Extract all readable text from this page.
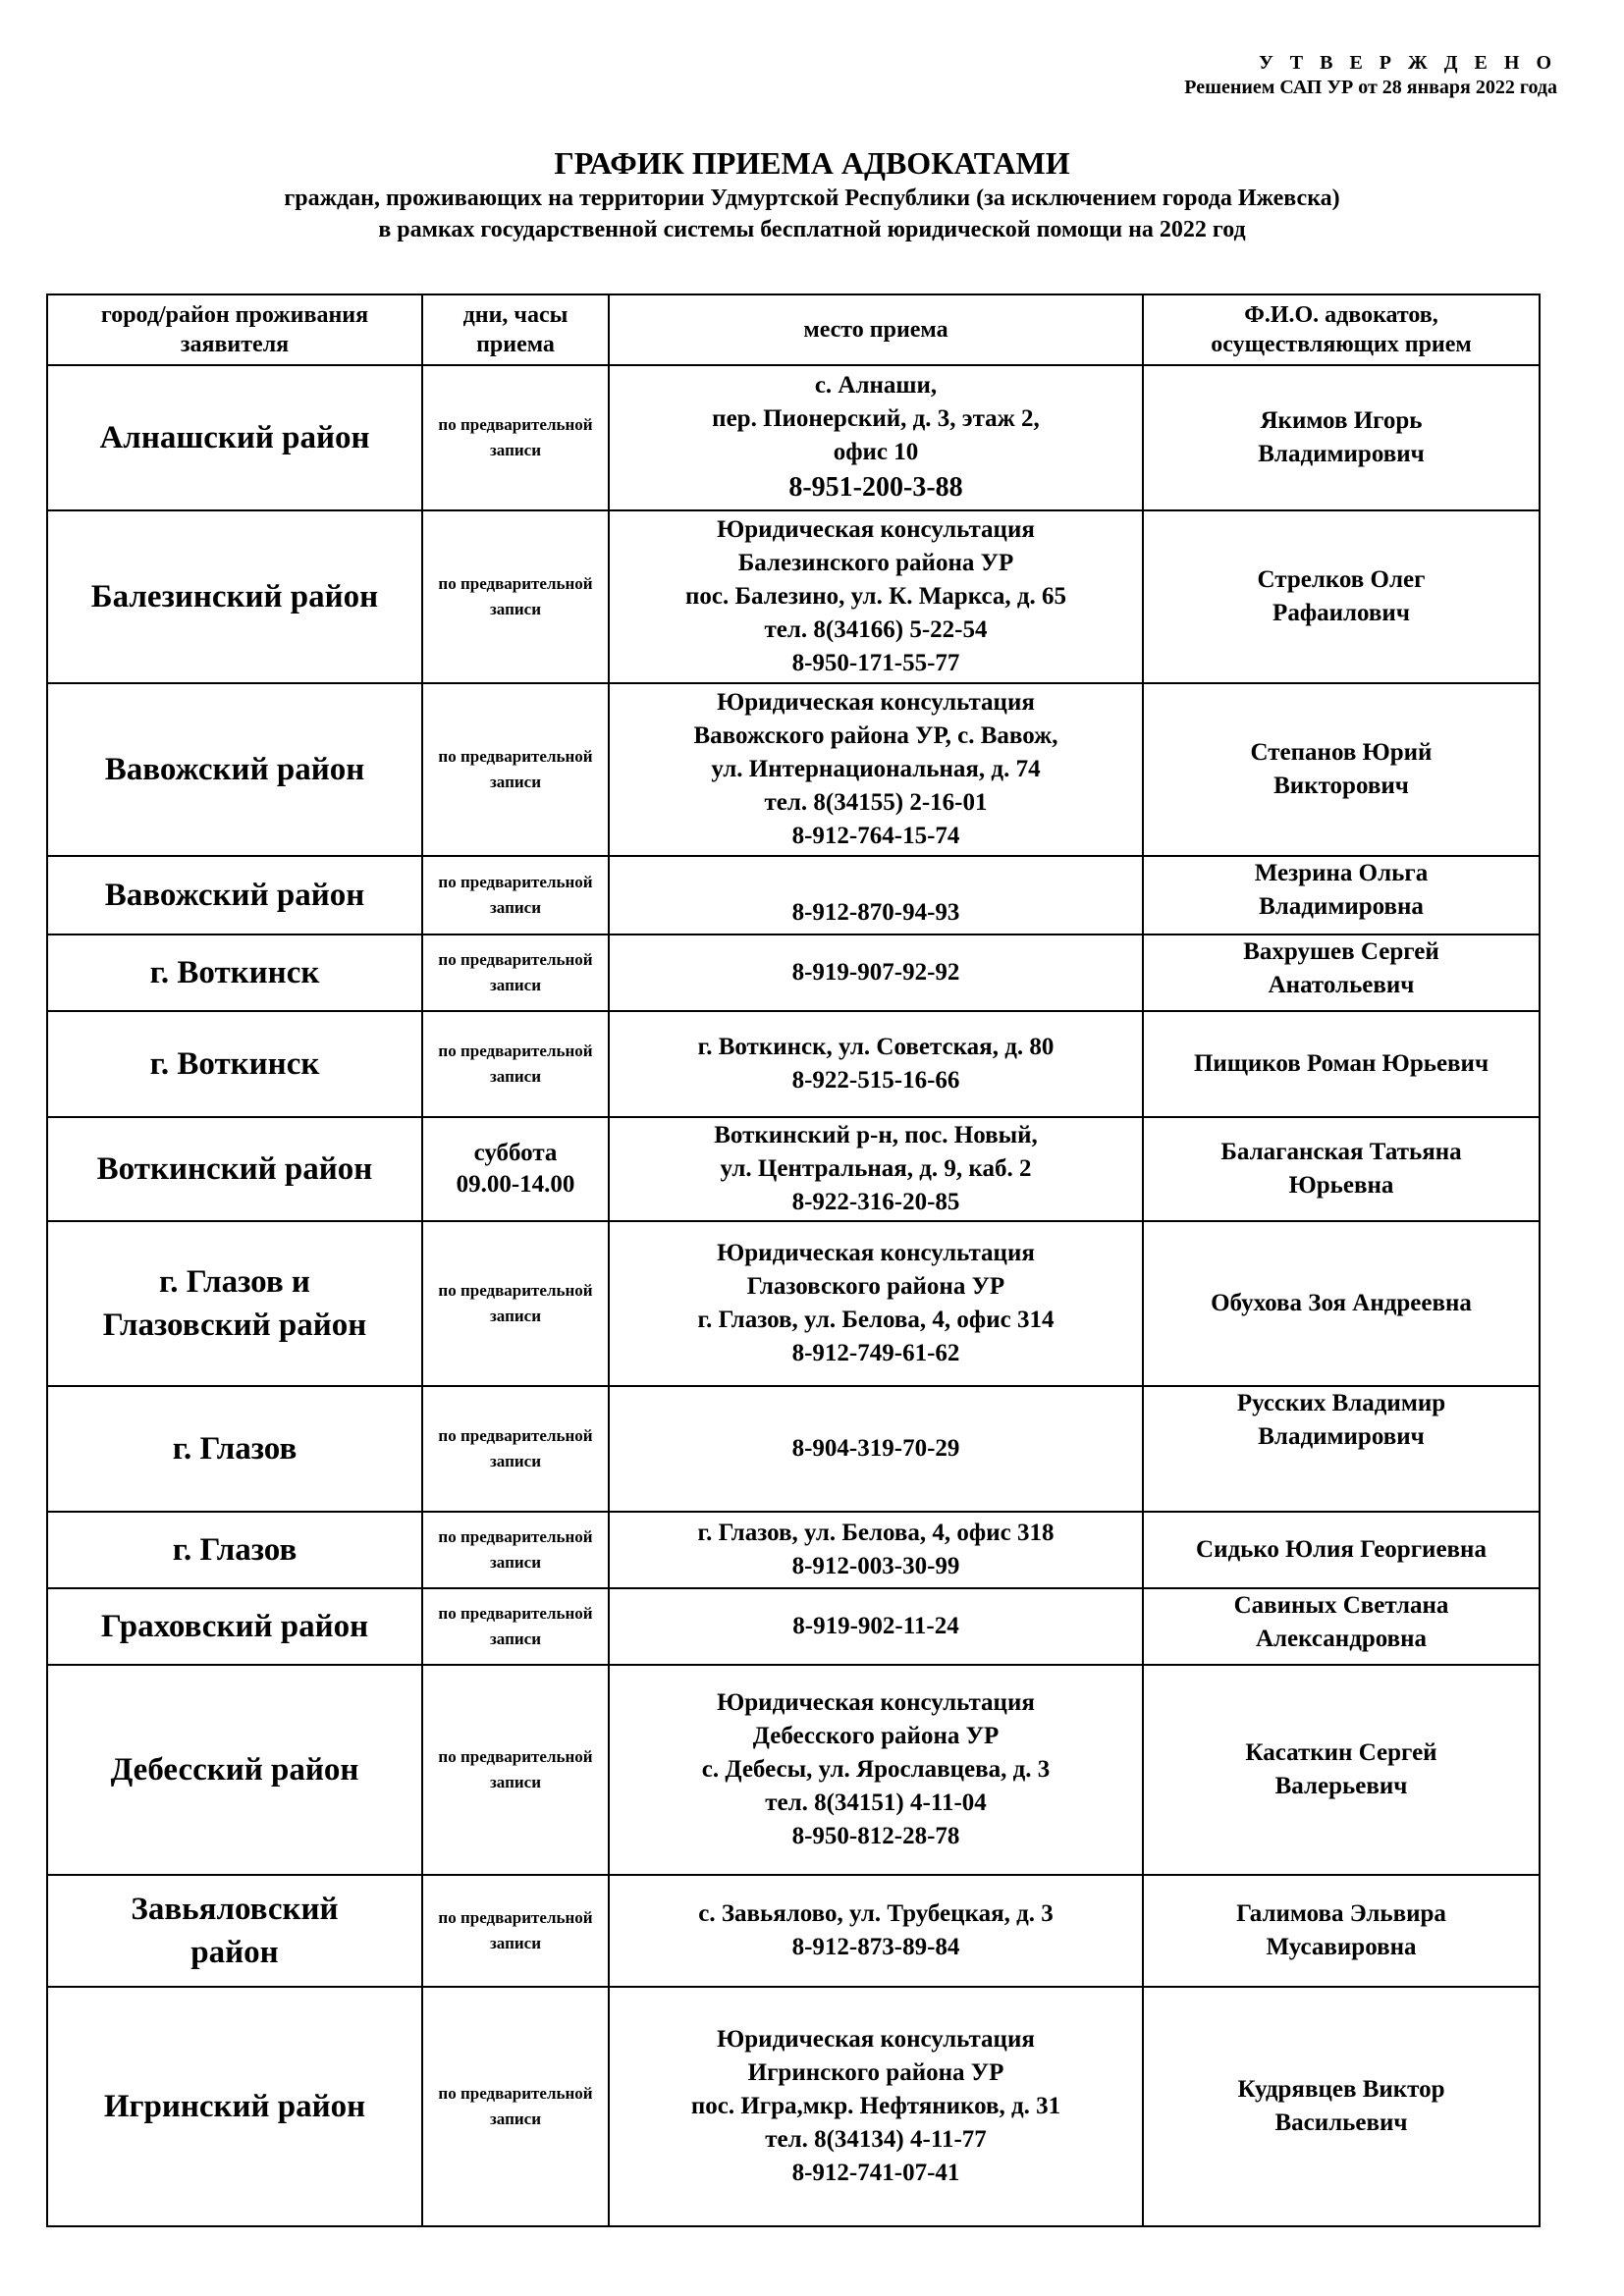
У Т В Е Р Ж Д Е Н О
Решением САП УР от 28 января 2022 года
ГРАФИК ПРИЕМА АДВОКАТАМИ
граждан, проживающих на территории Удмуртской Республики (за исключением города Ижевска)
в рамках государственной системы бесплатной юридической помощи на 2022 год
город/район проживания заявителя	дни, часы приема	место приема	Ф.И.О. адвокатов, осуществляющих прием
Алнашский район	по предварительной записи	с. Алнаши,
пер. Пионерский, д. 3, этаж 2,
офис 10
8-951-200-3-88	Якимов Игорь
Владимирович

Балезинский район	по предварительной записи	Юридическая консультация
Балезинского района УР
пос. Балезино, ул. К. Маркса, д. 65
тел. 8(34166) 5-22-54
8-950-171-55-77	Стрелков Олег
Рафаилович

Вавожский район	по предварительной записи	Юридическая консультация
Вавожского района УР, с. Вавож,
ул. Интернациональная, д. 74
тел. 8(34155) 2-16-01
8-912-764-15-74	Степанов Юрий
Викторович

Вавожский район	по предварительной записи	8-912-870-94-93	Мезрина Ольга
Владимировна

г. Воткинск	по предварительной записи	8-919-907-92-92	Вахрушев Сергей
Анатольевич

г. Воткинск	по предварительной записи	г. Воткинск, ул. Советская, д. 80
8-922-515-16-66	Пищиков Роман Юрьевич

Воткинский район	суббота
09.00-14.00	Воткинский р-н, пос. Новый,
ул. Центральная, д. 9, каб. 2
8-922-316-20-85	Балаганская Татьяна
Юрьевна

г. Глазов и
Глазовский район	по предварительной записи	Юридическая консультация
Глазовского района УР
г. Глазов, ул. Белова, 4, офис 314
8-912-749-61-62	Обухова Зоя Андреевна

г. Глазов	по предварительной записи	8-904-319-70-29	Русских Владимир
Владимирович

г. Глазов	по предварительной записи	г. Глазов, ул. Белова, 4, офис 318
8-912-003-30-99	Сидько Юлия Георгиевна

Граховский район	по предварительной записи	8-919-902-11-24	Савиных Светлана
Александровна

Дебесский район	по предварительной записи	Юридическая консультация
Дебесского района УР
с. Дебесы, ул. Ярославцева, д. 3
тел. 8(34151) 4-11-04
8-950-812-28-78	Касаткин Сергей
Валерьевич

Завьяловский
район	по предварительной записи	с. Завьялово, ул. Трубецкая, д. 3
8-912-873-89-84	Галимова Эльвира
Мусавировна

Игринский район	по предварительной записи	Юридическая консультация
Игринского района УР
пос. Игра,мкр. Нефтяников, д. 31
тел. 8(34134) 4-11-77
8-912-741-07-41	Кудрявцев Виктор
Васильевич
